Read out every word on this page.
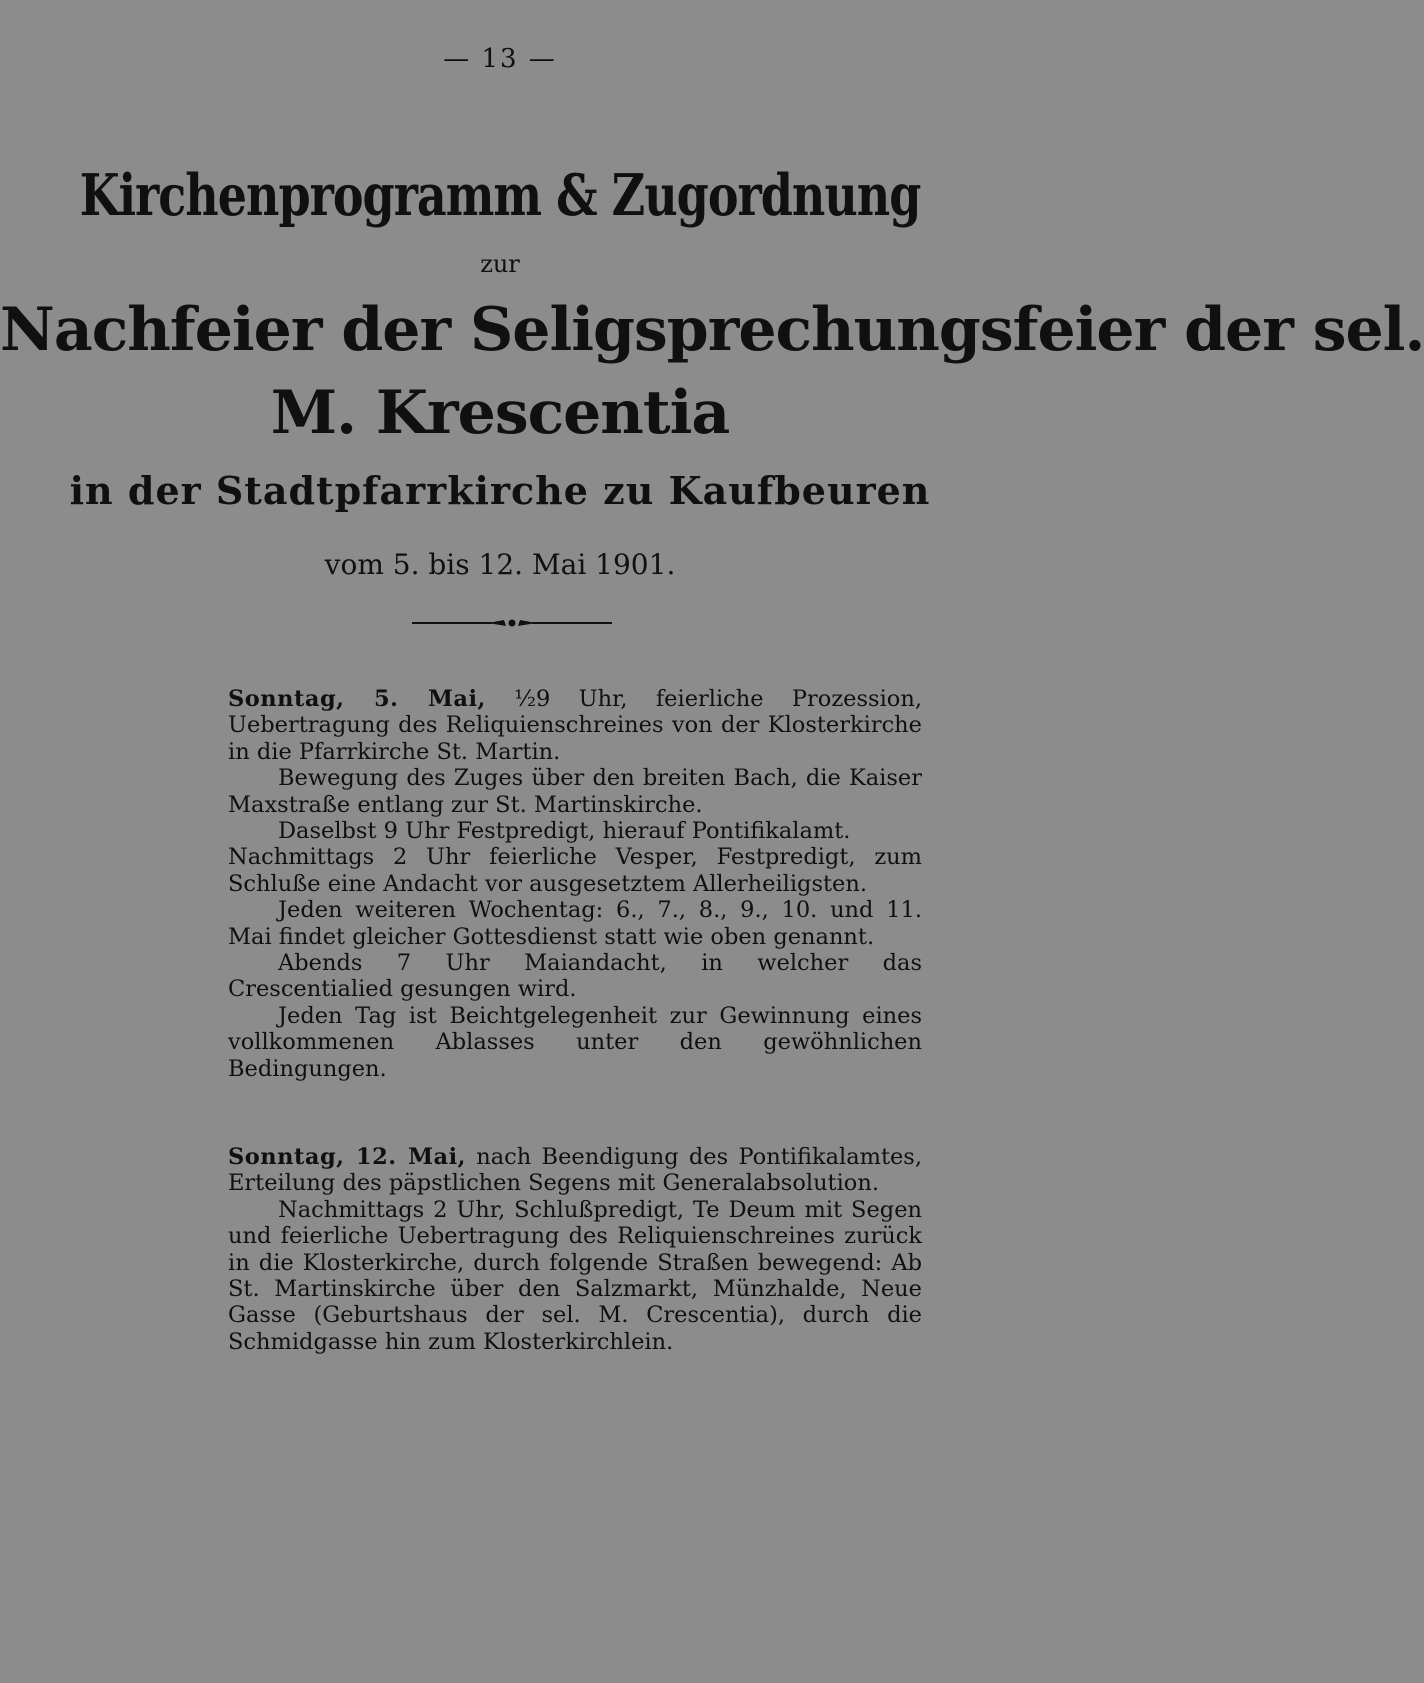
— 13 —
Kirchenprogramm & Zugordnung
zur
Nachfeier der Seligsprechungsfeier der sel.
M. Krescentia
in der Stadtpfarrkirche zu Kaufbeuren
vom 5. bis 12. Mai 1901.

Sonntag, 5. Mai, ½9 Uhr, feierliche Prozession, Uebertragung des Reliquienschreines von der Klosterkirche in die Pfarrkirche St. Martin.

Bewegung des Zuges über den breiten Bach, die Kaiser Maxstraße entlang zur St. Martinskirche.

Daselbst 9 Uhr Festpredigt, hierauf Pontifikalamt.

Nachmittags 2 Uhr feierliche Vesper, Festpredigt, zum Schluße eine Andacht vor ausgesetztem Allerheiligsten.

Jeden weiteren Wochentag: 6., 7., 8., 9., 10. und 11. Mai findet gleicher Gottesdienst statt wie oben genannt.

Abends 7 Uhr Maiandacht, in welcher das Crescentialied gesungen wird.

Jeden Tag ist Beichtgelegenheit zur Gewinnung eines vollkommenen Ablasses unter den gewöhnlichen Bedingungen.

Sonntag, 12. Mai, nach Beendigung des Pontifikalamtes, Erteilung des päpstlichen Segens mit Generalabsolution.

Nachmittags 2 Uhr, Schlußpredigt, Te Deum mit Segen und feierliche Uebertragung des Reliquienschreines zurück in die Klosterkirche, durch folgende Straßen bewegend: Ab St. Martinskirche über den Salzmarkt, Münzhalde, Neue Gasse (Geburtshaus der sel. M. Crescentia), durch die Schmidgasse hin zum Klosterkirchlein.
